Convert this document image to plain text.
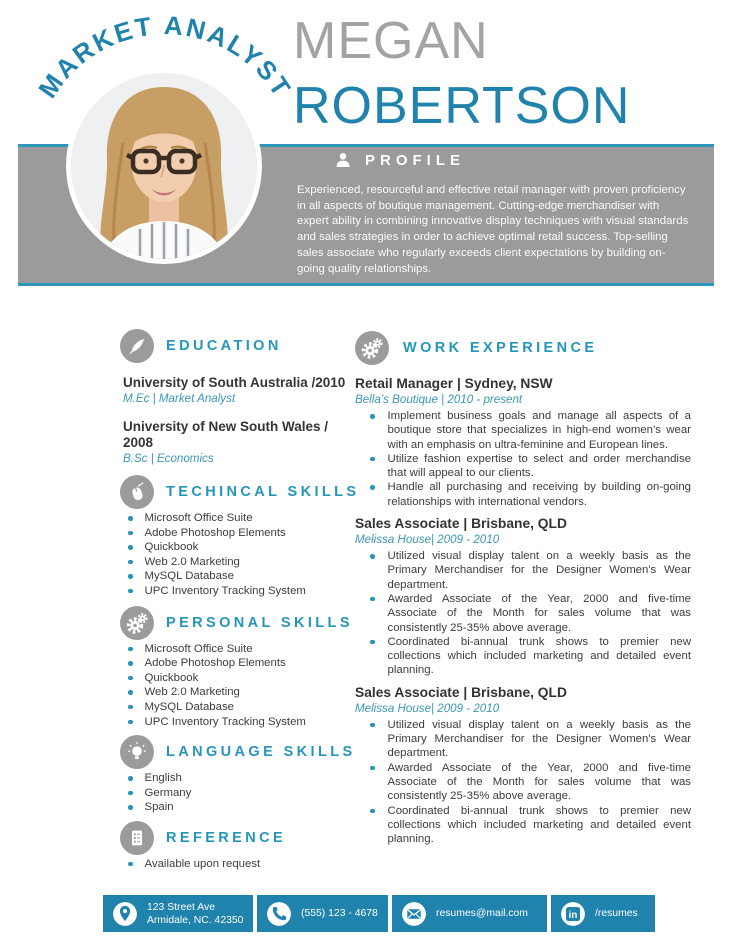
MARKET ANALYST
MEGAN
ROBERTSON
PROFILE

Experienced, resourceful and effective retail manager with proven proficiency in all aspects of boutique management. Cutting-edge merchandiser with expert ability in combining innovative display techniques with visual standards and sales strategies in order to achieve optimal retail success. Top-selling sales associate who regularly exceeds client expectations by building on-going quality relationships.

EDUCATION
University of South Australia /2010
M.Ec | Market Analyst
University of New South Wales / 2008
B.Sc | Economics
TECHINCAL SKILLS
Microsoft Office Suite
Adobe Photoshop Elements
Quickbook
Web 2.0 Marketing
MySQL Database
UPC Inventory Tracking System
PERSONAL SKILLS
Microsoft Office Suite
Adobe Photoshop Elements
Quickbook
Web 2.0 Marketing
MySQL Database
UPC Inventory Tracking System
LANGUAGE SKILLS
English
Germany
Spain
REFERENCE
Available upon request
WORK EXPERIENCE
Retail Manager | Sydney, NSW
Bella’s Boutique | 2010 - present

Implement business goals and manage all aspects of a boutique store that specializes in high-end women’s wear with an emphasis on ultra-feminine and European lines.

Utilize fashion expertise to select and order merchandise that will appeal to our clients.

Handle all purchasing and receiving by building on-going relationships with international vendors.

Sales Associate | Brisbane, QLD
Melissa House| 2009 - 2010

Utilized visual display talent on a weekly basis as the Primary Merchandiser for the Designer Women's Wear department.

Awarded Associate of the Year, 2000 and five-time Associate of the Month for sales volume that was consistently 25-35% above average.

Coordinated bi-annual trunk shows to premier new collections which included marketing and detailed event planning.

Sales Associate | Brisbane, QLD
Melissa House| 2009 - 2010

Utilized visual display talent on a weekly basis as the Primary Merchandiser for the Designer Women's Wear department.

Awarded Associate of the Year, 2000 and five-time Associate of the Month for sales volume that was consistently 25-35% above average.

Coordinated bi-annual trunk shows to premier new collections which included marketing and detailed event planning.

123 Street Ave
Armidale, NC. 42350
(555) 123 - 4678	resumes@mail.com	in /resumes
